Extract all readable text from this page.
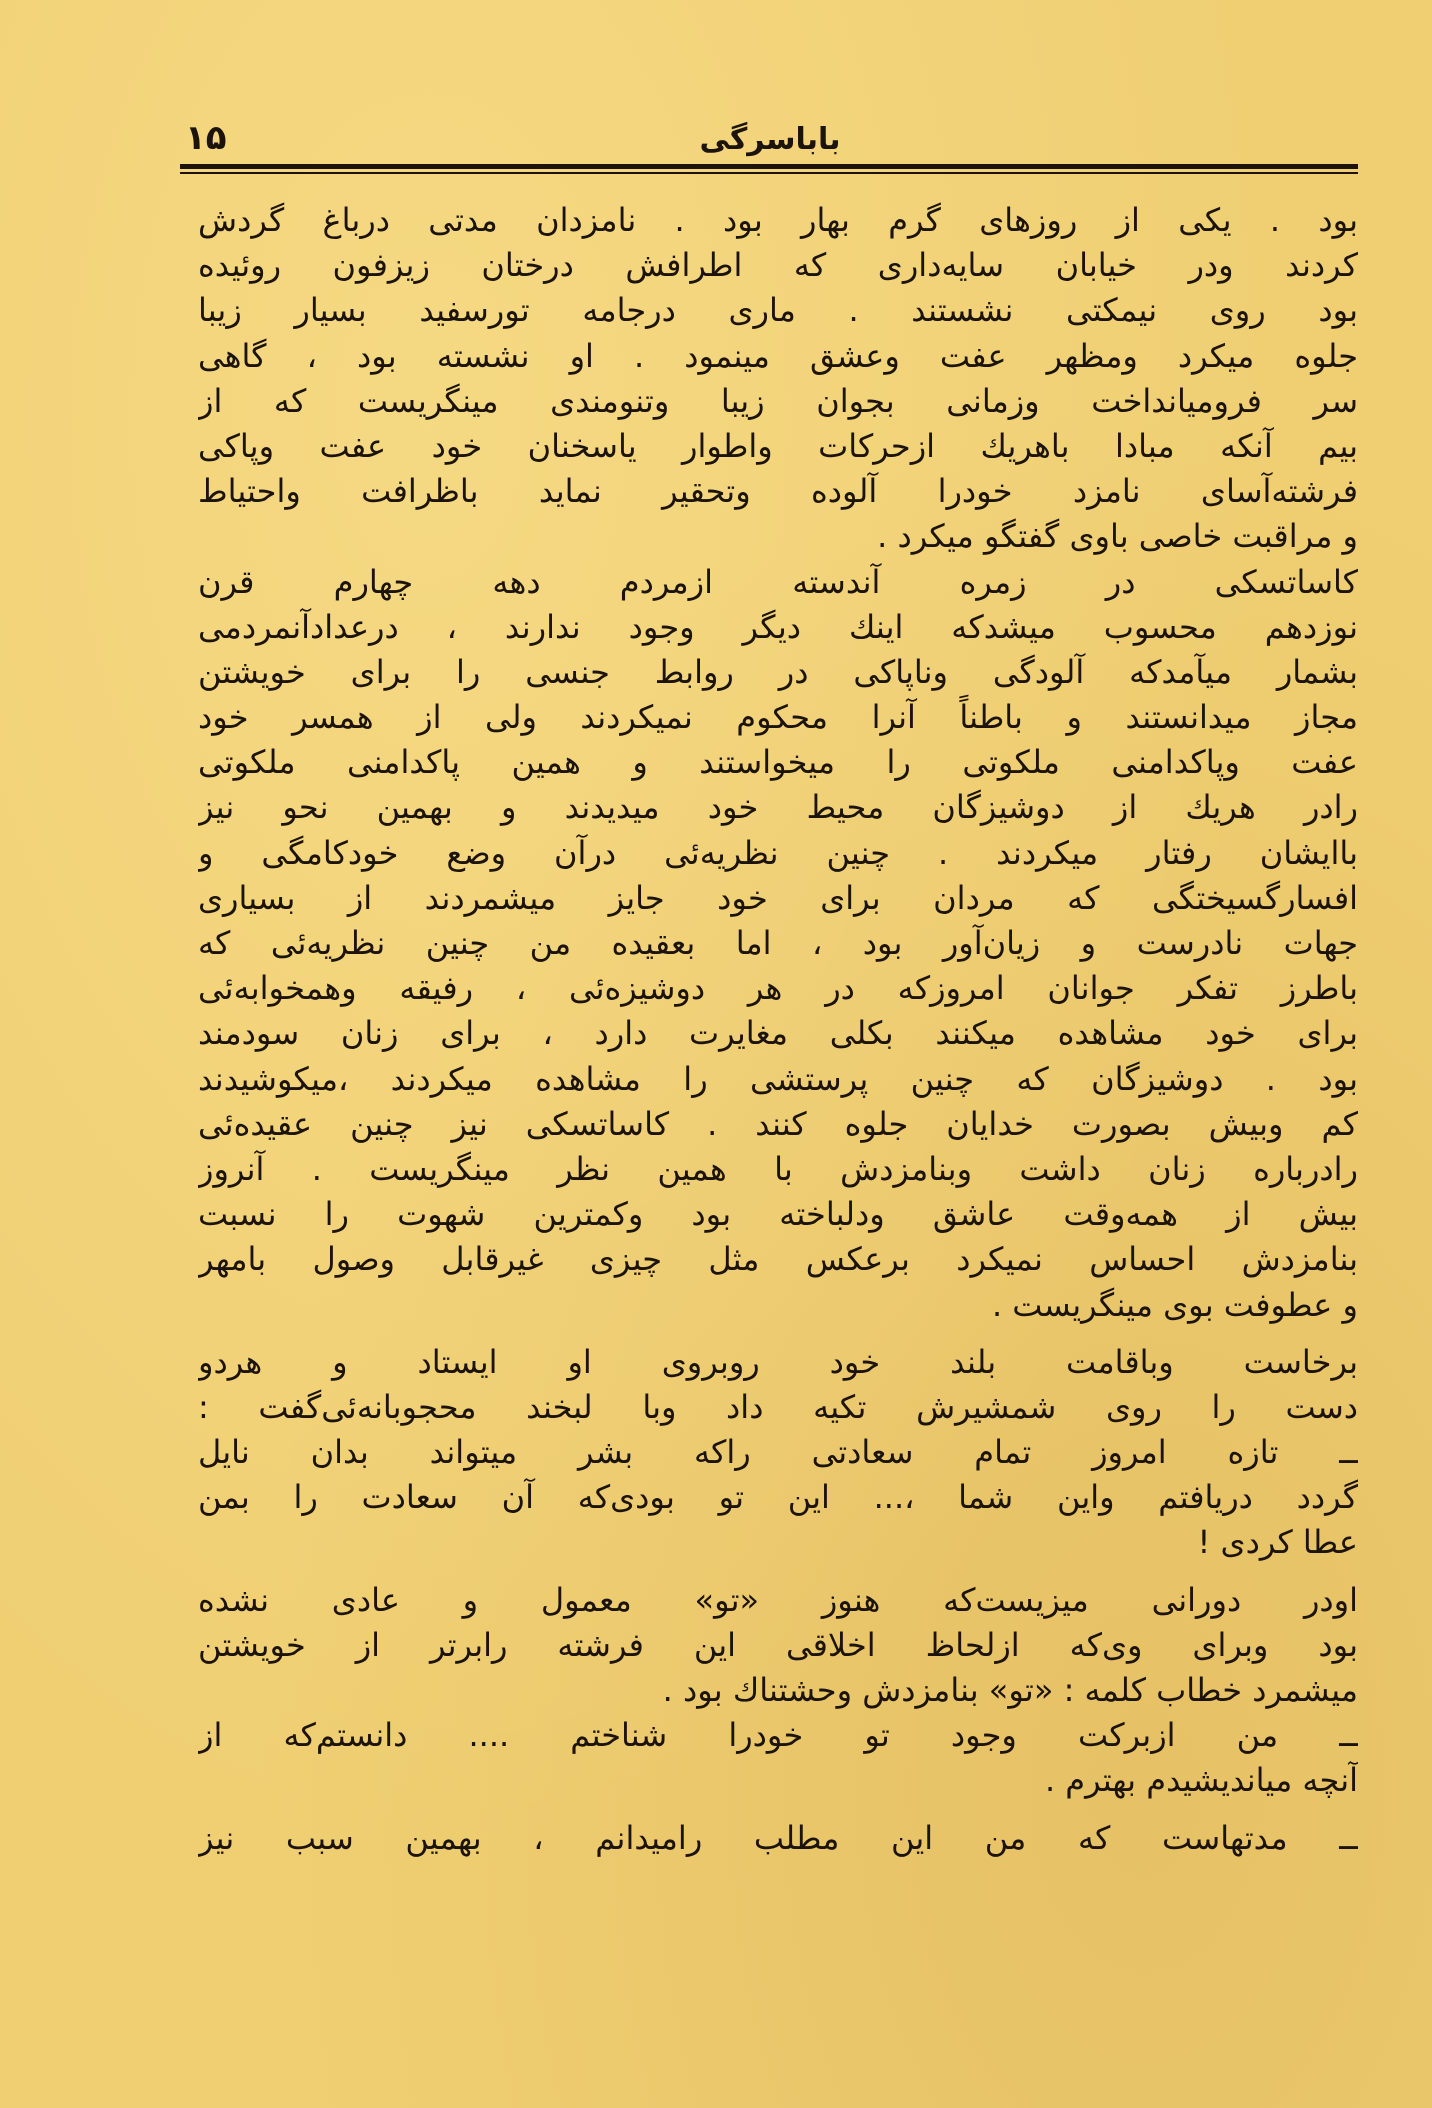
باباسرگی
۱۵
بود . یکی از روزهای گرم بهار بود . نامزدان مدتی درباغ گردش
کردند ودر خیابان سایه‌داری که اطرافش درختان زیزفون روئیده
بود روی نیمکتی نشستند . ماری درجامه تورسفید بسیار زیبا
جلوه میکرد ومظهر عفت وعشق مینمود . او نشسته بود ، گاهی
سر فرومیانداخت وزمانی بجوان زیبا وتنومندی مینگریست که از
بیم آنکه مبادا باهریك ازحرکات واطوار یاسخنان خود عفت وپاکی
فرشته‌آسای نامزد خودرا آلوده وتحقیر نماید باظرافت واحتیاط
و مراقبت خاصی باوی گفتگو میکرد .
کاساتسکی در زمره آندسته ازمردم دهه چهارم قرن
نوزدهم محسوب میشدکه اینك دیگر وجود ندارند ، درعدادآنمردمی
بشمار میآمدکه آلودگی وناپاکی در روابط جنسی را برای خویشتن
مجاز میدانستند و باطناً آنرا محکوم نمیکردند ولی از همسر خود
عفت وپاکدامنی ملکوتی را میخواستند و همین پاکدامنی ملکوتی
رادر هریك از دوشیزگان محیط خود میدیدند و بهمین نحو نیز
باایشان رفتار میکردند . چنین نظریه‌ئی درآن وضع خودکامگی و
افسارگسیختگی که مردان برای خود جایز میشمردند از بسیاری
جهات نادرست و زیان‌آور بود ، اما بعقیده من چنین نظریه‌ئی که
باطرز تفکر جوانان امروزکه در هر دوشیزه‌ئی ، رفیقه وهمخوابه‌ئی
برای خود مشاهده میکنند بکلی مغایرت دارد ، برای زنان سودمند
بود . دوشیزگان که چنین پرستشی را مشاهده میکردند ،میکوشیدند
کم وبیش بصورت خدایان جلوه کنند . کاساتسکی نیز چنین عقیده‌ئی
رادرباره زنان داشت وبنامزدش با همین نظر مینگریست . آنروز
بیش از همه‌وقت عاشق ودلباخته بود وکمترین شهوت را نسبت
بنامزدش احساس نمیکرد برعکس مثل چیزی غیرقابل وصول بامهر
و عطوفت بوی مینگریست .
برخاست وباقامت بلند خود روبروی او ایستاد و هردو
دست را روی شمشیرش تکیه داد وبا لبخند محجوبانه‌ئی‌گفت :
ــ تازه امروز تمام سعادتی راکه بشر میتواند بدان نایل
گردد دریافتم واین شما ،... این تو بودی‌که آن سعادت را بمن
عطا کردی !
اودر دورانی میزیست‌که هنوز «تو» معمول و عادی نشده
بود وبرای وی‌که ازلحاظ اخلاقی این فرشته رابرتر از خویشتن
میشمرد خطاب کلمه : «تو» بنامزدش وحشتناك بود .
ــ من ازبرکت وجود تو خودرا شناختم .... دانستم‌که از
آنچه میاندیشیدم بهترم .
ــ مدتهاست که من این مطلب رامیدانم ، بهمین سبب نیز
